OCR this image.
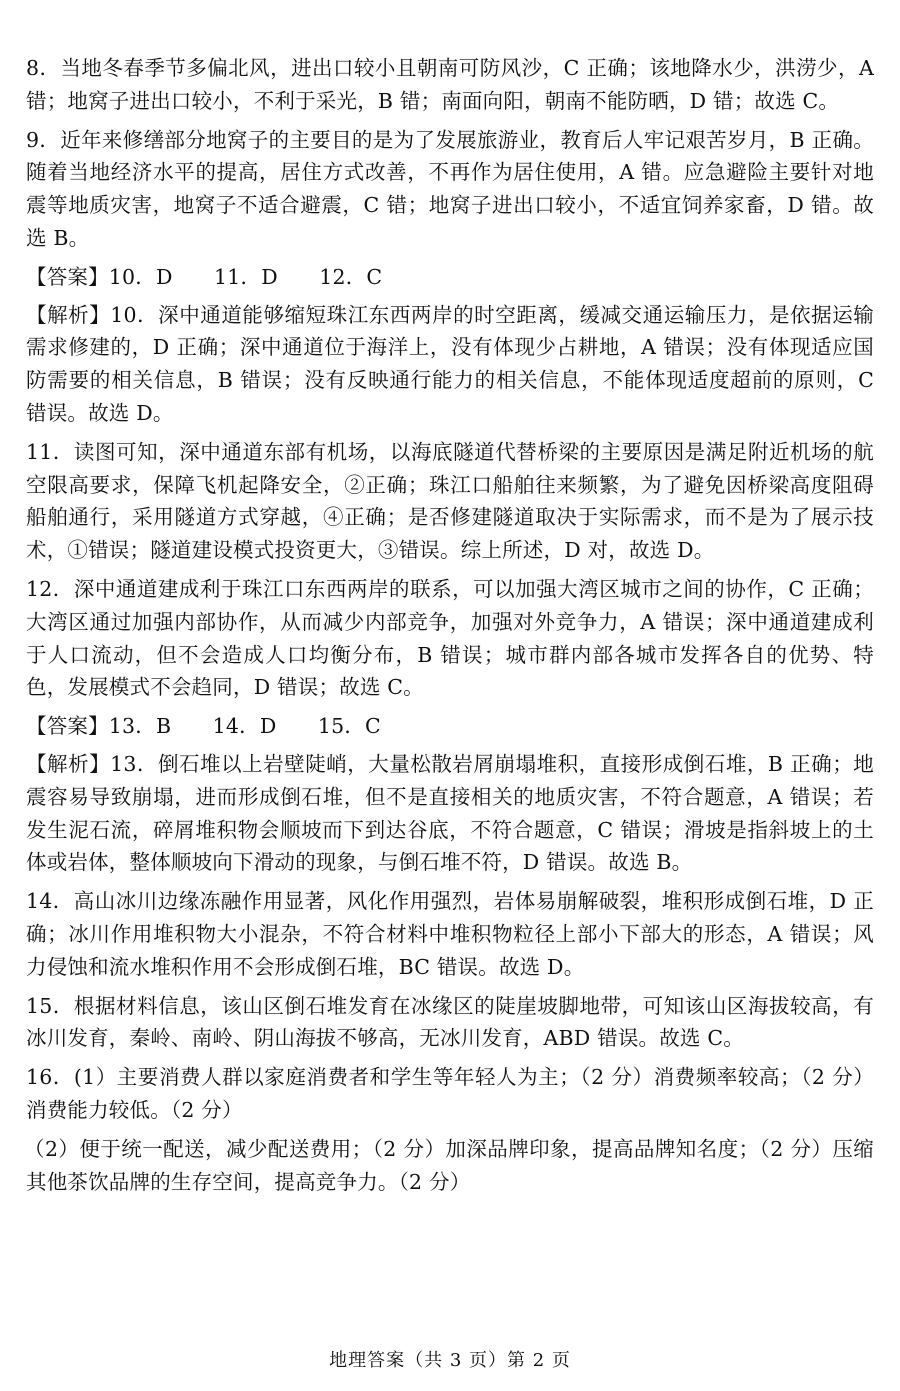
8．当地冬春季节多偏北风，进出口较小且朝南可防风沙，C 正确；该地降水少，洪涝少，A 错；地窝子进出口较小，不利于采光，B 错；南面向阳，朝南不能防晒，D 错；故选 C。

9．近年来修缮部分地窝子的主要目的是为了发展旅游业，教育后人牢记艰苦岁月，B 正确。随着当地经济水平的提高，居住方式改善，不再作为居住使用，A 错。应急避险主要针对地震等地质灾害，地窝子不适合避震，C 错；地窝子进出口较小，不适宜饲养家畜，D 错。故选 B。

【答案】10．D　　11．D　　12．C

【解析】10．深中通道能够缩短珠江东西两岸的时空距离，缓减交通运输压力，是依据运输需求修建的，D 正确；深中通道位于海洋上，没有体现少占耕地，A 错误；没有体现适应国防需要的相关信息，B 错误；没有反映通行能力的相关信息，不能体现适度超前的原则，C 错误。故选 D。

11．读图可知，深中通道东部有机场，以海底隧道代替桥梁的主要原因是满足附近机场的航空限高要求，保障飞机起降安全，②正确；珠江口船舶往来频繁，为了避免因桥梁高度阻碍船舶通行，采用隧道方式穿越，④正确；是否修建隧道取决于实际需求，而不是为了展示技术，①错误；隧道建设模式投资更大，③错误。综上所述，D 对，故选 D。

12．深中通道建成利于珠江口东西两岸的联系，可以加强大湾区城市之间的协作，C 正确；大湾区通过加强内部协作，从而减少内部竞争，加强对外竞争力，A 错误；深中通道建成利于人口流动，但不会造成人口均衡分布，B 错误；城市群内部各城市发挥各自的优势、特色，发展模式不会趋同，D 错误；故选 C。

【答案】13．B　　14．D　　15．C

【解析】13．倒石堆以上岩壁陡峭，大量松散岩屑崩塌堆积，直接形成倒石堆，B 正确；地震容易导致崩塌，进而形成倒石堆，但不是直接相关的地质灾害，不符合题意，A 错误；若发生泥石流，碎屑堆积物会顺坡而下到达谷底，不符合题意，C 错误；滑坡是指斜坡上的土体或岩体，整体顺坡向下滑动的现象，与倒石堆不符，D 错误。故选 B。

14．高山冰川边缘冻融作用显著，风化作用强烈，岩体易崩解破裂，堆积形成倒石堆，D 正确；冰川作用堆积物大小混杂，不符合材料中堆积物粒径上部小下部大的形态，A 错误；风力侵蚀和流水堆积作用不会形成倒石堆，BC 错误。故选 D。

15．根据材料信息，该山区倒石堆发育在冰缘区的陡崖坡脚地带，可知该山区海拔较高，有冰川发育，秦岭、南岭、阴山海拔不够高，无冰川发育，ABD 错误。故选 C。

16．(1）主要消费人群以家庭消费者和学生等年轻人为主；（2 分）消费频率较高；（2 分）消费能力较低。（2 分）

（2）便于统一配送，减少配送费用；（2 分）加深品牌印象，提高品牌知名度；（2 分）压缩其他茶饮品牌的生存空间，提高竞争力。（2 分）

地理答案（共 3 页）第 2 页
